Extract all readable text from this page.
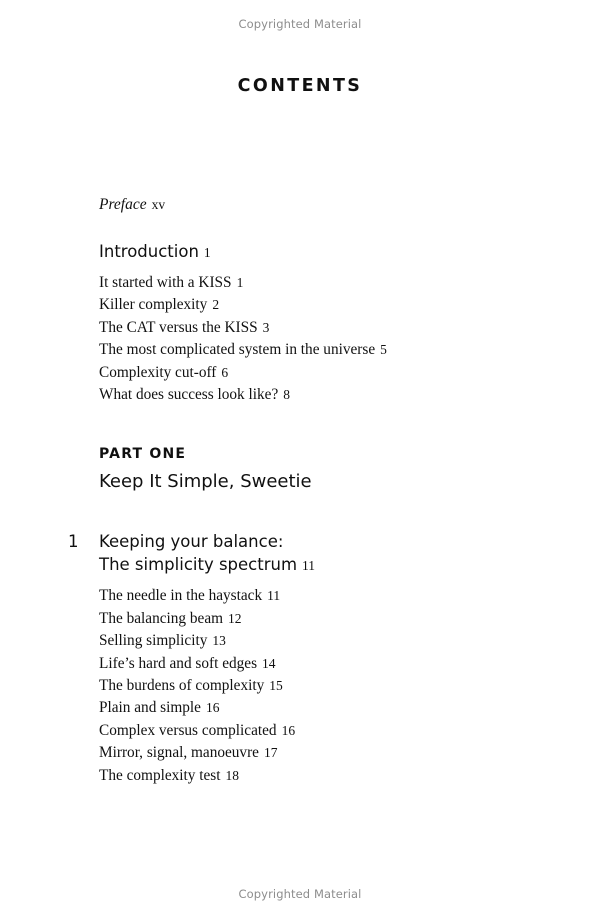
Copyrighted Material
CONTENTS

Preface xv

Introduction 1

It started with a KISS 1
Killer complexity 2
The CAT versus the KISS 3
The most complicated system in the universe 5
Complexity cut-off 6
What does success look like? 8

PART ONE

Keep It Simple, Sweetie

1 Keeping your balance:
The simplicity spectrum 11

The needle in the haystack 11
The balancing beam 12
Selling simplicity 13
Life’s hard and soft edges 14
The burdens of complexity 15
Plain and simple 16
Complex versus complicated 16
Mirror, signal, manoeuvre 17
The complexity test 18
Copyrighted Material
